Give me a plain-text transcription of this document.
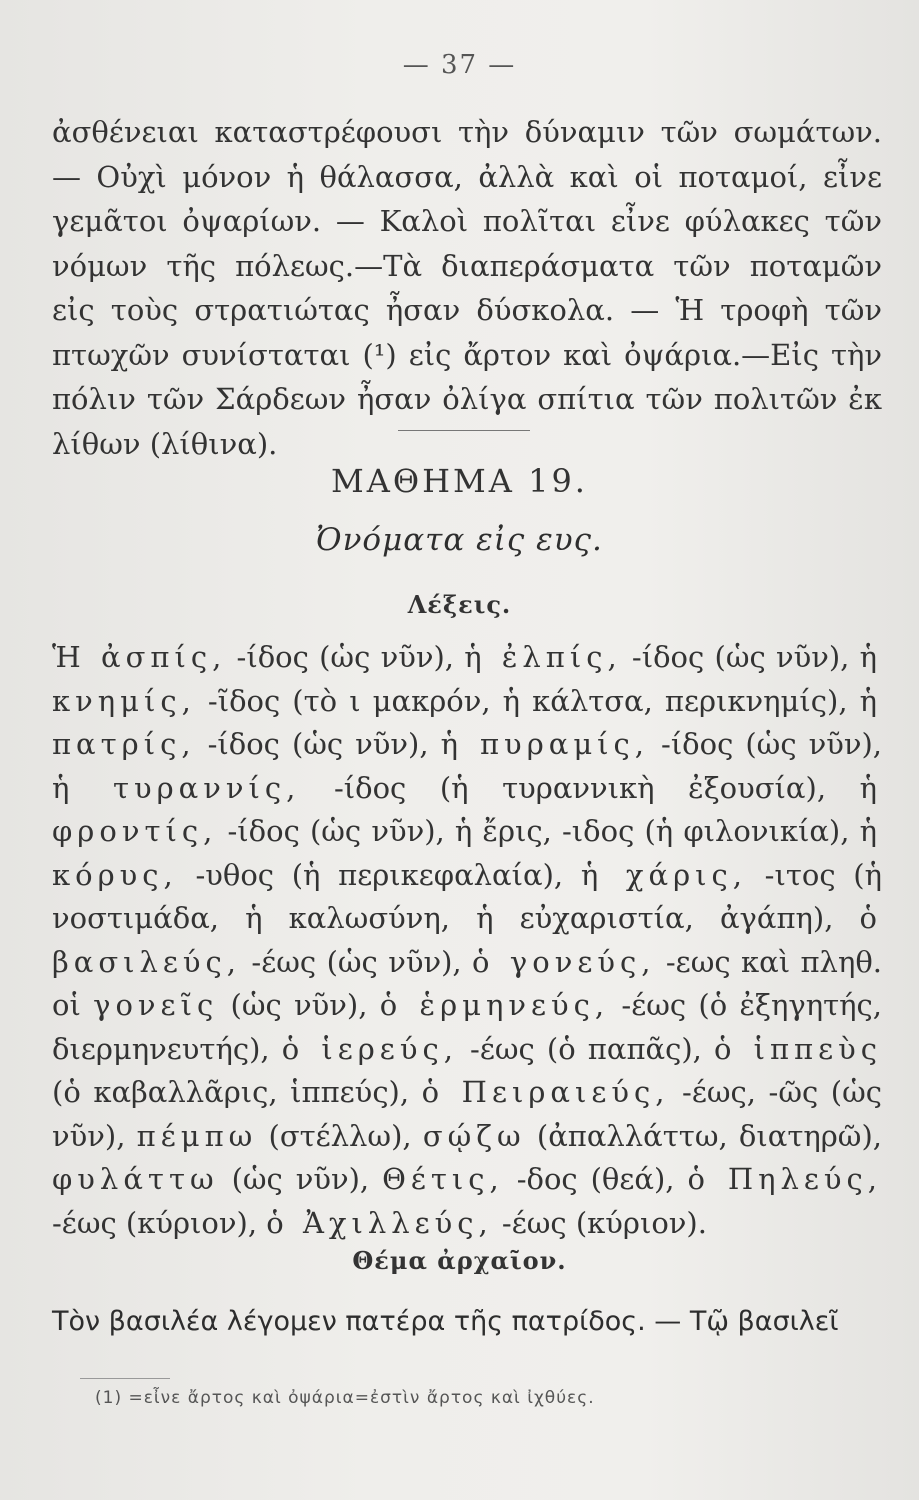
— 37 —
ἀσθένειαι καταστρέφουσι τὴν δύναμιν τῶν σωμάτων. — Οὐχὶ μόνον ἡ θάλασσα, ἀλλὰ καὶ οἱ ποταμοί, εἶνε γεμᾶτοι ὀψαρίων. — Καλοὶ πολῖται εἶνε φύλακες τῶν νόμων τῆς πόλεως.—Τὰ διαπεράσματα τῶν ποταμῶν εἰς τοὺς στρατιώτας ἦσαν δύσκολα. — Ἡ τροφὴ τῶν πτωχῶν συνίσταται (¹) εἰς ἄρτον καὶ ὀψάρια.—Εἰς τὴν πόλιν τῶν Σάρδεων ἦσαν ὀλίγα σπίτια τῶν πολιτῶν ἐκ λίθων (λίθινα).
ΜΑΘΗΜΑ 19.
Ὀνόματα εἰς ευς.
Λέξεις.
Ἡ ἀσπίς, -ίδος (ὡς νῦν), ἡ ἐλπίς, -ίδος (ὡς νῦν), ἡ κνημίς, -ῖδος (τὸ ι μακρόν, ἡ κάλτσα, περικνημίς), ἡ πατρίς, -ίδος (ὡς νῦν), ἡ πυραμίς, -ίδος (ὡς νῦν), ἡ τυραννίς, -ίδος (ἡ τυραννικὴ ἐξουσία), ἡ φροντίς, -ίδος (ὡς νῦν), ἡ ἔρις, -ιδος (ἡ φιλονικία), ἡ κόρυς, -υθος (ἡ περικεφαλαία), ἡ χάρις, -ιτος (ἡ νοστιμάδα, ἡ καλωσύνη, ἡ εὐχαριστία, ἀγάπη), ὁ βασιλεύς, -έως (ὡς νῦν), ὁ γονεύς, -εως καὶ πληθ. οἱ γονεῖς (ὡς νῦν), ὁ ἑρμηνεύς, -έως (ὁ ἐξηγητής, διερμηνευτής), ὁ ἱερεύς, -έως (ὁ παπᾶς), ὁ ἱππεὺς (ὁ καβαλλᾶρις, ἱππεύς), ὁ Πειραιεύς, -έως, -ῶς (ὡς νῦν), πέμπω (στέλλω), σῴζω (ἀπαλλάττω, διατηρῶ), φυλάττω (ὡς νῦν), Θέτις, -δος (θεά), ὁ Πηλεύς, -έως (κύριον), ὁ Ἀχιλλεύς, -έως (κύριον).
Θέμα ἀρχαῖον.
Τὸν βασιλέα λέγομεν πατέρα τῆς πατρίδος. — Τῷ βασιλεῖ
(1) =εἶνε ἄρτος καὶ ὀψάρια=ἐστὶν ἄρτος καὶ ἰχθύες.
